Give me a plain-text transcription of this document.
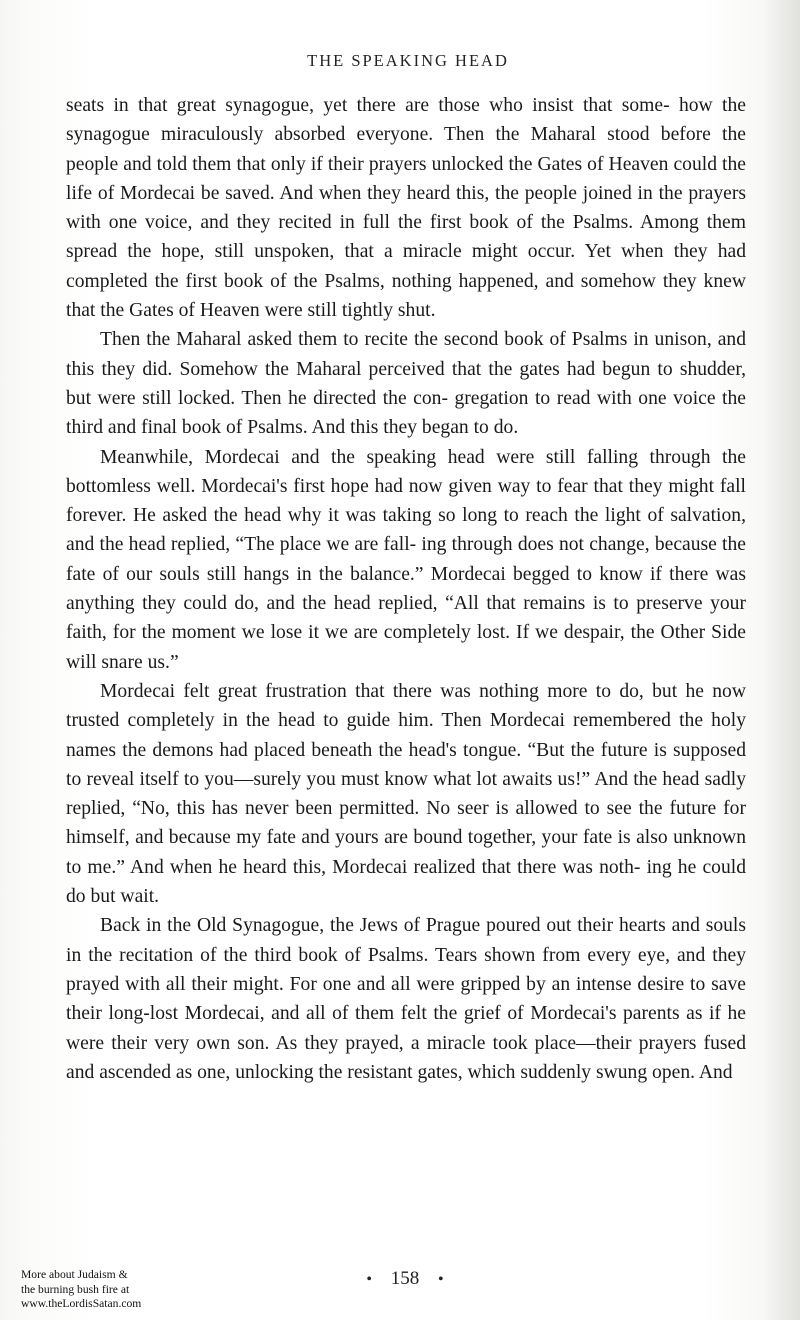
THE SPEAKING HEAD

seats in that great synagogue, yet there are those who insist that some- how the synagogue miraculously absorbed everyone. Then the Maharal stood before the people and told them that only if their prayers unlocked the Gates of Heaven could the life of Mordecai be saved. And when they heard this, the people joined in the prayers with one voice, and they recited in full the first book of the Psalms. Among them spread the hope, still unspoken, that a miracle might occur. Yet when they had completed the first book of the Psalms, nothing happened, and somehow they knew that the Gates of Heaven were still tightly shut.

Then the Maharal asked them to recite the second book of Psalms in unison, and this they did. Somehow the Maharal perceived that the gates had begun to shudder, but were still locked. Then he directed the con- gregation to read with one voice the third and final book of Psalms. And this they began to do.

Meanwhile, Mordecai and the speaking head were still falling through the bottomless well. Mordecai's first hope had now given way to fear that they might fall forever. He asked the head why it was taking so long to reach the light of salvation, and the head replied, “The place we are fall- ing through does not change, because the fate of our souls still hangs in the balance.” Mordecai begged to know if there was anything they could do, and the head replied, “All that remains is to preserve your faith, for the moment we lose it we are completely lost. If we despair, the Other Side will snare us.”

Mordecai felt great frustration that there was nothing more to do, but he now trusted completely in the head to guide him. Then Mordecai remembered the holy names the demons had placed beneath the head's tongue. “But the future is supposed to reveal itself to you—surely you must know what lot awaits us!” And the head sadly replied, “No, this has never been permitted. No seer is allowed to see the future for himself, and because my fate and yours are bound together, your fate is also unknown to me.” And when he heard this, Mordecai realized that there was noth- ing he could do but wait.

Back in the Old Synagogue, the Jews of Prague poured out their hearts and souls in the recitation of the third book of Psalms. Tears shown from every eye, and they prayed with all their might. For one and all were gripped by an intense desire to save their long-lost Mordecai, and all of them felt the grief of Mordecai's parents as if he were their very own son. As they prayed, a miracle took place—their prayers fused and ascended as one, unlocking the resistant gates, which suddenly swung open. And

• 158 •
More about Judaism &
the burning bush fire at
www.theLordisSatan.com
